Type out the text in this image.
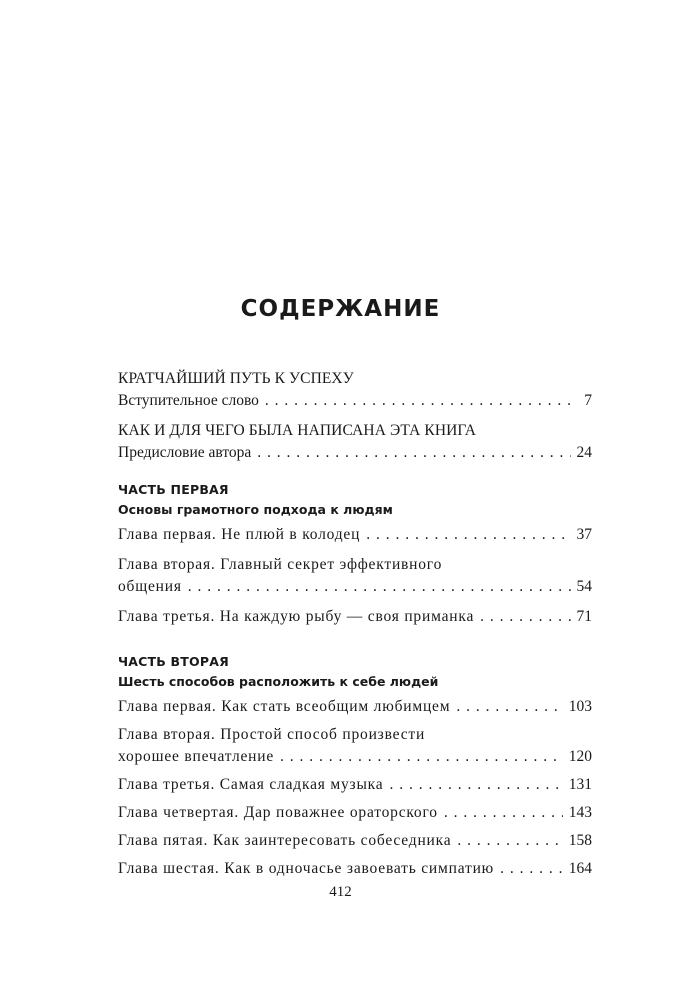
СОДЕРЖАНИЕ
КРАТЧАЙШИЙ ПУТЬ К УСПЕХУ
Вступительное слово . . .	7
КАК И ДЛЯ ЧЕГО БЫЛА НАПИСАНА ЭТА КНИГА
Предисловие автора . . .	24
ЧАСТЬ ПЕРВАЯ
Основы грамотного подхода к людям
Глава первая. Не плюй в колодец . . .	37
Глава вторая. Главный секрет эффективного
общения . . .	54
Глава третья. На каждую рыбу — своя приманка . . .	71
ЧАСТЬ ВТОРАЯ
Шесть способов расположить к себе людей
Глава первая. Как стать всеобщим любимцем . . .	103
Глава вторая. Простой способ произвести
хорошее впечатление . . .	120
Глава третья. Самая сладкая музыка . . .	131
Глава четвертая. Дар поважнее ораторского . . .	143
Глава пятая. Как заинтересовать собеседника . . .	158
Глава шестая. Как в одночасье завоевать симпатию . . .	164
412
